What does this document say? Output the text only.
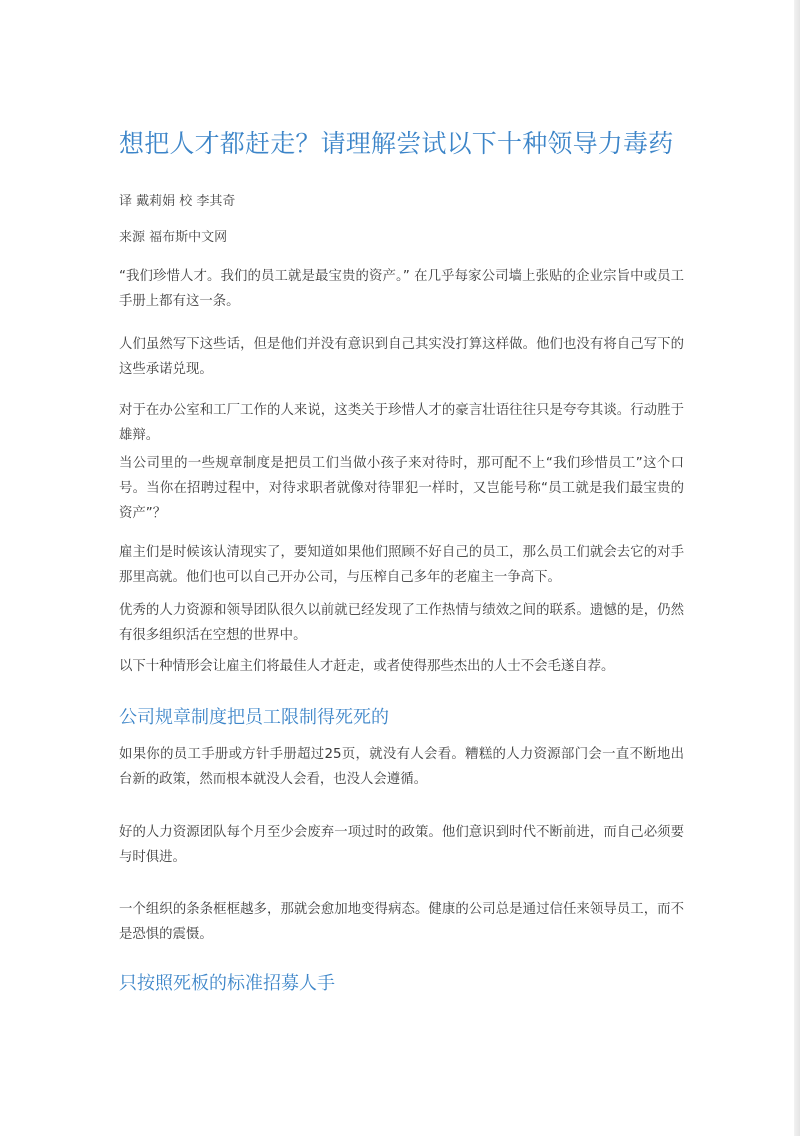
想把人才都赶走？请理解尝试以下十种领导力毒药
译 戴莉娟 校 李其奇
来源 福布斯中文网

“我们珍惜人才。我们的员工就是最宝贵的资产。” 在几乎每家公司墙上张贴的企业宗旨中或员工手册上都有这一条。

人们虽然写下这些话，但是他们并没有意识到自己其实没打算这样做。他们也没有将自己写下的这些承诺兑现。

对于在办公室和工厂工作的人来说，这类关于珍惜人才的豪言壮语往往只是夸夸其谈。行动胜于雄辩。

当公司里的一些规章制度是把员工们当做小孩子来对待时，那可配不上“我们珍惜员工”这个口号。当你在招聘过程中，对待求职者就像对待罪犯一样时，又岂能号称“员工就是我们最宝贵的资产”？

雇主们是时候该认清现实了，要知道如果他们照顾不好自己的员工，那么员工们就会去它的对手那里高就。他们也可以自己开办公司，与压榨自己多年的老雇主一争高下。

优秀的人力资源和领导团队很久以前就已经发现了工作热情与绩效之间的联系。遗憾的是，仍然有很多组织活在空想的世界中。

以下十种情形会让雇主们将最佳人才赶走，或者使得那些杰出的人士不会毛遂自荐。

公司规章制度把员工限制得死死的

如果你的员工手册或方针手册超过25页，就没有人会看。糟糕的人力资源部门会一直不断地出台新的政策，然而根本就没人会看，也没人会遵循。

好的人力资源团队每个月至少会废弃一项过时的政策。他们意识到时代不断前进，而自己必须要与时俱进。

一个组织的条条框框越多，那就会愈加地变得病态。健康的公司总是通过信任来领导员工，而不是恐惧的震慑。

只按照死板的标准招募人手
